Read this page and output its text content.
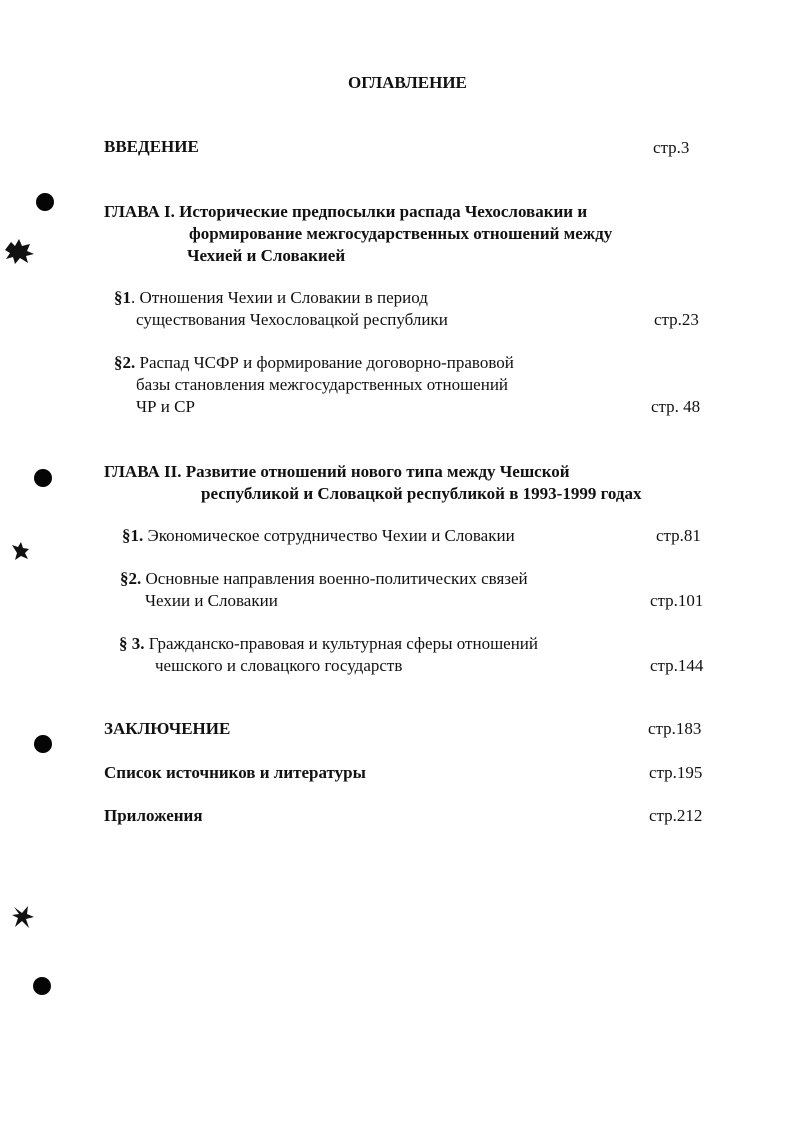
ОГЛАВЛЕНИЕ
ВВЕДЕНИЕ	стр.3
ГЛАВА I. Исторические предпосылки распада Чехословакии и
формирование межгосударственных отношений между
Чехией и Словакией
§1. Отношения Чехии и Словакии в период
существования Чехословацкой республики	стр.23
§2. Распад ЧСФР и формирование договорно-правовой
базы становления межгосударственных отношений
ЧР и СР	стр. 48
ГЛАВА II. Развитие отношений нового типа между Чешской
республикой и Словацкой республикой в 1993-1999 годах
§1. Экономическое сотрудничество Чехии и Словакии	стр.81
§2. Основные направления военно-политических связей
Чехии и Словакии	стр.101
§ 3. Гражданско-правовая и культурная сферы отношений
чешского и словацкого государств	стр.144
ЗАКЛЮЧЕНИЕ	стр.183
Список источников и литературы	стр.195
Приложения	стр.212
